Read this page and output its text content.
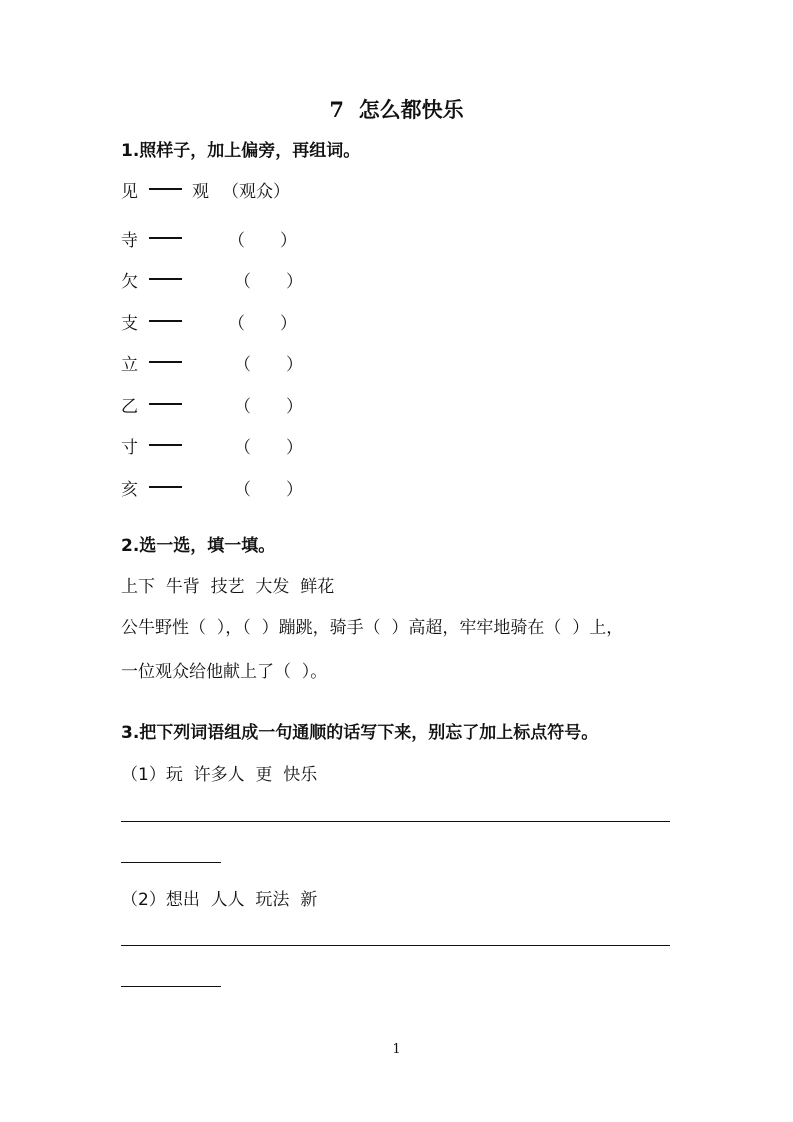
7  怎么都快乐
1.照样子，加上偏旁，再组词。
见	观 （观众）
寺	（ ）
欠	（ ）
支	（ ）
立	（ ）
乙	（ ）
寸	（ ）
亥	（ ）
2.选一选，填一填。
上下  牛背  技艺  大发  鲜花
公牛野性（  ），（  ）蹦跳，骑手（  ）高超，牢牢地骑在（  ）上，
一位观众给他献上了（  ）。
3.把下列词语组成一句通顺的话写下来，别忘了加上标点符号。
（1）玩  许多人  更  快乐
（2）想出  人人  玩法  新
1
